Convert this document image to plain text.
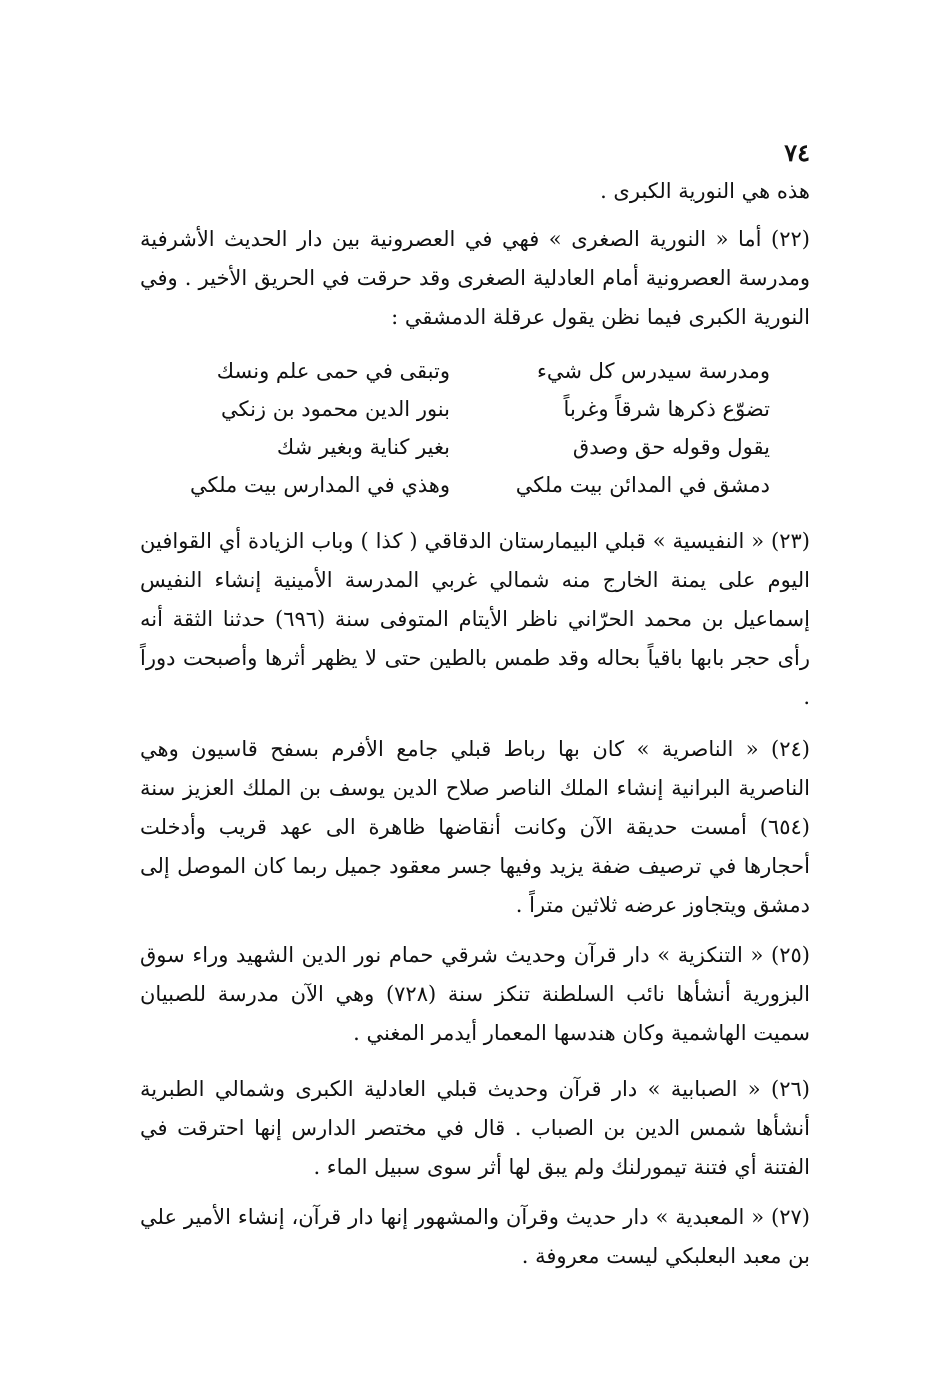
٧٤

هذه هي النورية الكبرى .

(٢٢) أما « النورية الصغرى » فهي في العصرونية بين دار الحديث الأشرفية ومدرسة العصرونية أمام العادلية الصغرى وقد حرقت في الحريق الأخير . وفي النورية الكبرى فيما نظن يقول عرقلة الدمشقي :

ومدرسة سيدرس كل شيء
وتبقى في حمى علم ونسك
تضوّع ذكرها شرقاً وغرباً
بنور الدين محمود بن زنكي
يقول وقوله حق وصدق
بغير كناية وبغير شك
دمشق في المدائن بيت ملكي
وهذي في المدارس بيت ملكي

(٢٣) « النفيسية » قبلي البيمارستان الدقاقي ( كذا ) وباب الزيادة أي القوافين اليوم على يمنة الخارج منه شمالي غربي المدرسة الأمينية إنشاء النفيس إسماعيل بن محمد الحرّاني ناظر الأيتام المتوفى سنة (٦٩٦) حدثنا الثقة أنه رأى حجر بابها باقياً بحاله وقد طمس بالطين حتى لا يظهر أثرها وأصبحت دوراً .

(٢٤) « الناصرية » كان بها رباط قبلي جامع الأفرم بسفح قاسيون وهي الناصرية البرانية إنشاء الملك الناصر صلاح الدين يوسف بن الملك العزيز سنة (٦٥٤) أمست حديقة الآن وكانت أنقاضها ظاهرة الى عهد قريب وأدخلت أحجارها في ترصيف ضفة يزيد وفيها جسر معقود جميل ربما كان الموصل إلى دمشق ويتجاوز عرضه ثلاثين متراً .

(٢٥) « التنكزية » دار قرآن وحديث شرقي حمام نور الدين الشهيد وراء سوق البزورية أنشأها نائب السلطنة تنكز سنة (٧٢٨) وهي الآن مدرسة للصبيان سميت الهاشمية وكان هندسها المعمار أيدمر المغني .

(٢٦) « الصبابية » دار قرآن وحديث قبلي العادلية الكبرى وشمالي الطبرية أنشأها شمس الدين بن الصباب . قال في مختصر الدارس إنها احترقت في الفتنة أي فتنة تيمورلنك ولم يبق لها أثر سوى سبيل الماء .

(٢٧) « المعبدية » دار حديث وقرآن والمشهور إنها دار قرآن، إنشاء الأمير علي بن معبد البعلبكي ليست معروفة .
